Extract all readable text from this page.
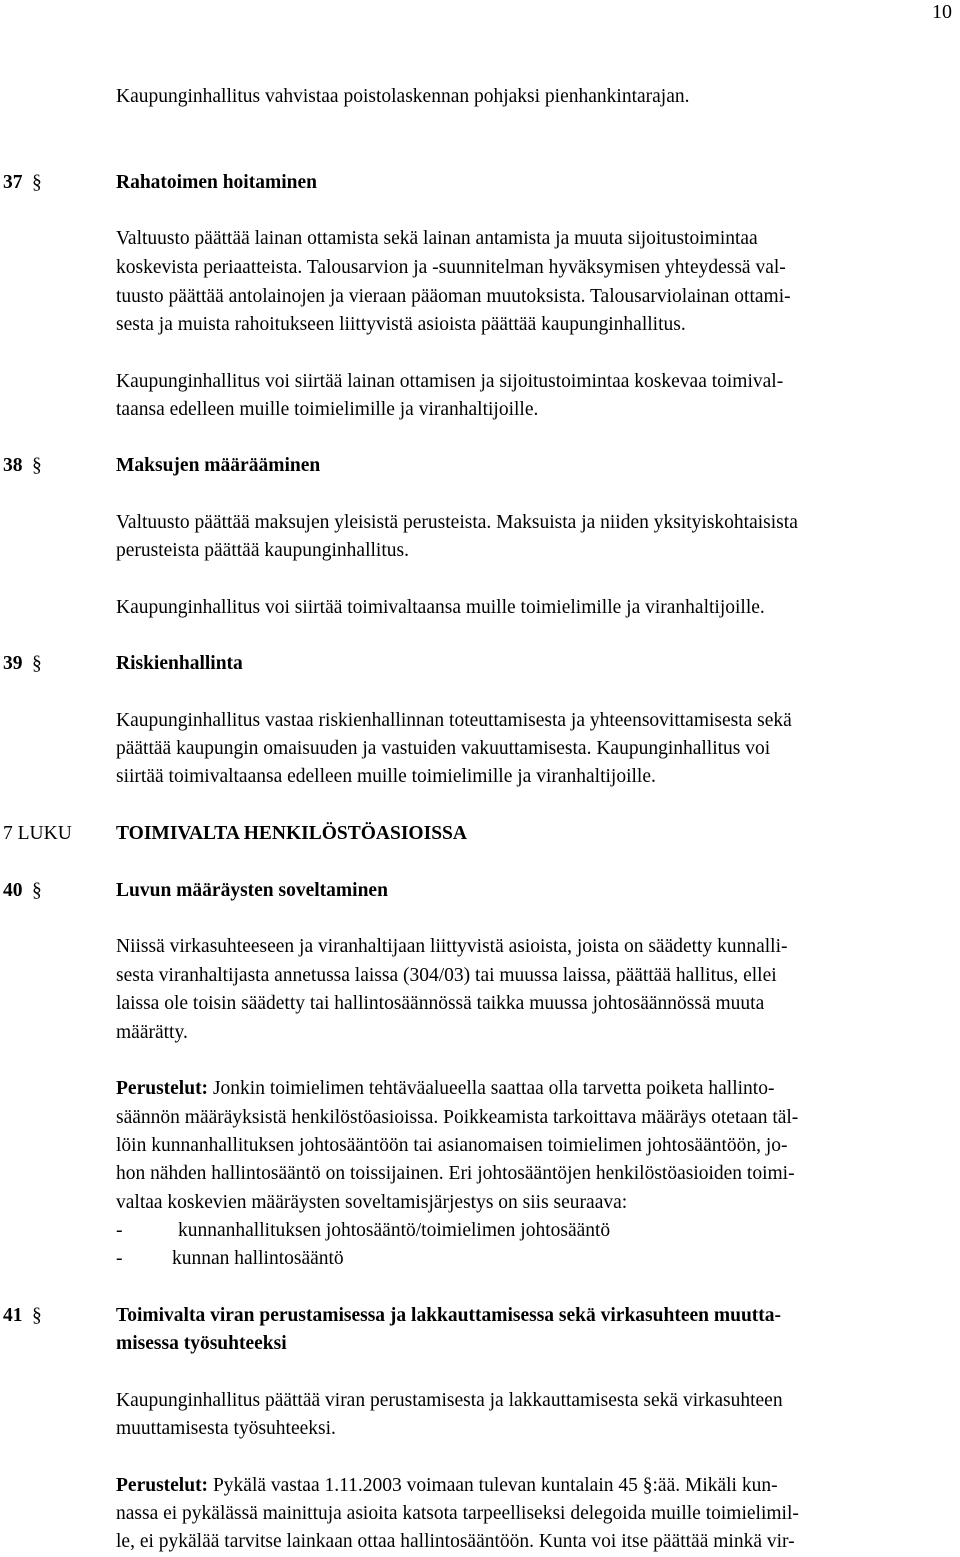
10
Kaupunginhallitus vahvistaa poistolaskennan pohjaksi pienhankintarajan.
37 §	Rahatoimen hoitaminen
Valtuusto päättää lainan ottamista sekä lainan antamista ja muuta sijoitustoimintaa
koskevista periaatteista. Talousarvion ja -suunnitelman hyväksymisen yhteydessä val-
tuusto päättää antolainojen ja vieraan pääoman muutoksista. Talousarviolainan ottami-
sesta ja muista rahoitukseen liittyvistä asioista päättää kaupunginhallitus.
Kaupunginhallitus voi siirtää lainan ottamisen ja sijoitustoimintaa koskevaa toimival-
taansa edelleen muille toimielimille ja viranhaltijoille.
38 §	Maksujen määrääminen
Valtuusto päättää maksujen yleisistä perusteista. Maksuista ja niiden yksityiskohtaisista
perusteista päättää kaupunginhallitus.
Kaupunginhallitus voi siirtää toimivaltaansa muille toimielimille ja viranhaltijoille.
39 §	Riskienhallinta
Kaupunginhallitus vastaa riskienhallinnan toteuttamisesta ja yhteensovittamisesta sekä
päättää kaupungin omaisuuden ja vastuiden vakuuttamisesta. Kaupunginhallitus voi
siirtää toimivaltaansa edelleen muille toimielimille ja viranhaltijoille.
7 LUKU TOIMIVALTA HENKILÖSTÖASIOISSA
40 §	Luvun määräysten soveltaminen
Niissä virkasuhteeseen ja viranhaltijaan liittyvistä asioista, joista on säädetty kunnalli-
sesta viranhaltijasta annetussa laissa (304/03) tai muussa laissa, päättää hallitus, ellei
laissa ole toisin säädetty tai hallintosäännössä taikka muussa johtosäännössä muuta
määrätty.
Perustelut: Jonkin toimielimen tehtäväalueella saattaa olla tarvetta poiketa hallinto-
säännön määräyksistä henkilöstöasioissa. Poikkeamista tarkoittava määräys otetaan täl-
löin kunnanhallituksen johtosääntöön tai asianomaisen toimielimen johtosääntöön, jo-
hon nähden hallintosääntö on toissijainen. Eri johtosääntöjen henkilöstöasioiden toimi-
valtaa koskevien määräysten soveltamisjärjestys on siis seuraava:
-	kunnanhallituksen johtosääntö/toimielimen johtosääntö
-	kunnan hallintosääntö
41 §	Toimivalta viran perustamisessa ja lakkauttamisessa sekä virkasuhteen muutta-
misessa työsuhteeksi
Kaupunginhallitus päättää viran perustamisesta ja lakkauttamisesta sekä virkasuhteen
muuttamisesta työsuhteeksi.
Perustelut: Pykälä vastaa 1.11.2003 voimaan tulevan kuntalain 45 §:ää. Mikäli kun-
nassa ei pykälässä mainittuja asioita katsota tarpeelliseksi delegoida muille toimielimil-
le, ei pykälää tarvitse lainkaan ottaa hallintosääntöön. Kunta voi itse päättää minkä vir-
